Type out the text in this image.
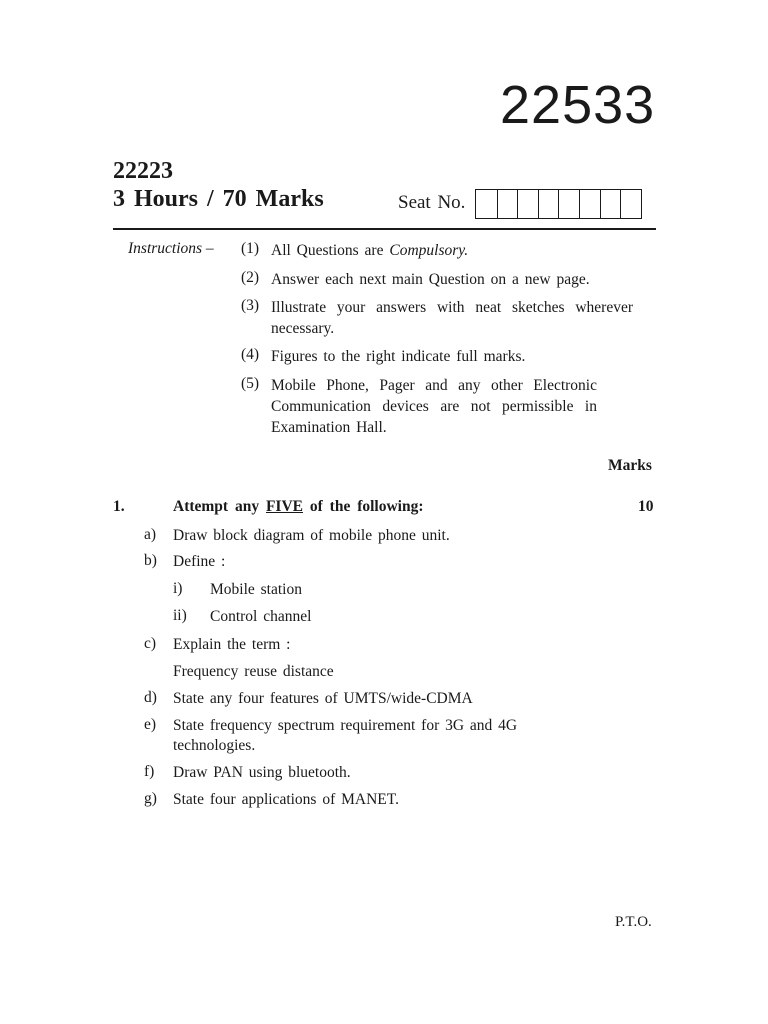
22533
22223
3 Hours / 70 Marks	Seat No.
Instructions – (1) All Questions are Compulsory.
(2) Answer each next main Question on a new page.
(3) Illustrate your answers with neat sketches wherever necessary.
(4) Figures to the right indicate full marks.
(5) Mobile Phone, Pager and any other Electronic Communication devices are not permissible in Examination Hall.
Marks
1.	Attempt any FIVE of the following:	10
a) Draw block diagram of mobile phone unit.
b) Define :
i) Mobile station
ii) Control channel
c) Explain the term :
Frequency reuse distance
d) State any four features of UMTS/wide-CDMA
e) State frequency spectrum requirement for 3G and 4G technologies.
f) Draw PAN using bluetooth.
g) State four applications of MANET.
P.T.O.
